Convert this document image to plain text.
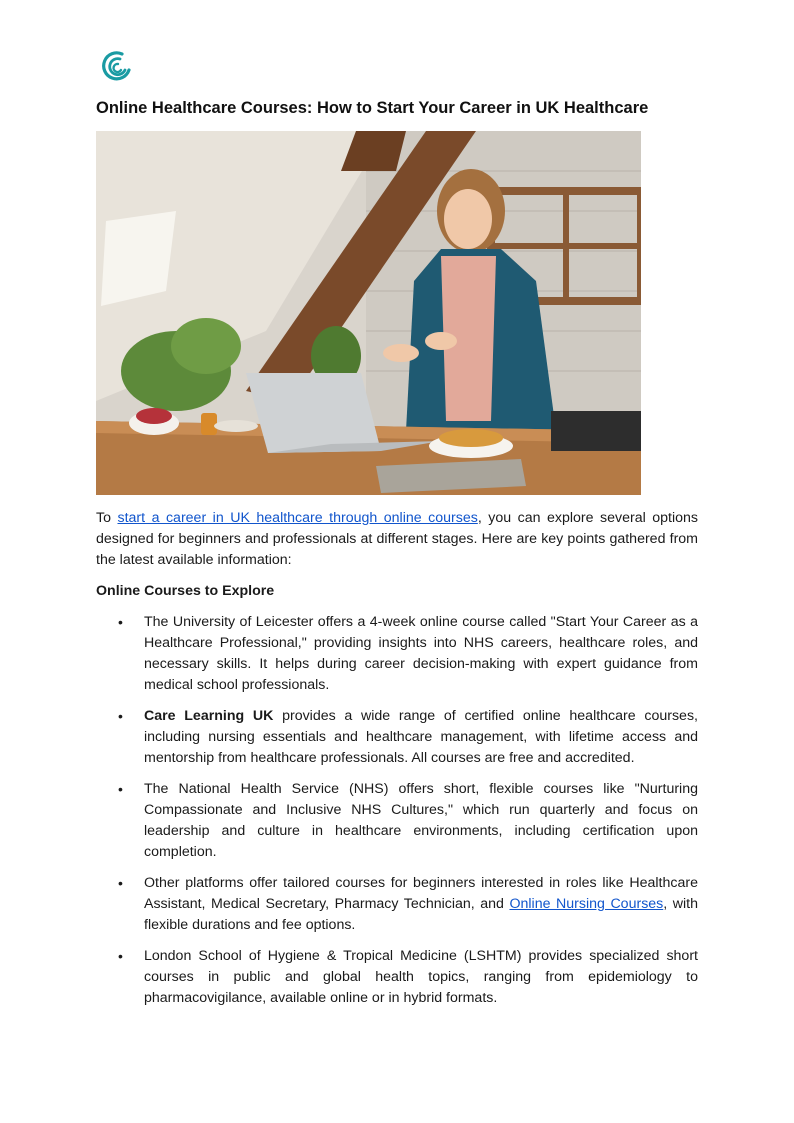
Online Healthcare Courses: How to Start Your Career in UK Healthcare

To start a career in UK healthcare through online courses, you can explore several options designed for beginners and professionals at different stages. Here are key points gathered from the latest available information:

Online Courses to Explore
• The University of Leicester offers a 4-week online course called "Start Your Career as a Healthcare Professional," providing insights into NHS careers, healthcare roles, and necessary skills. It helps during career decision-making with expert guidance from medical school professionals.
• Care Learning UK provides a wide range of certified online healthcare courses, including nursing essentials and healthcare management, with lifetime access and mentorship from healthcare professionals. All courses are free and accredited.
• The National Health Service (NHS) offers short, flexible courses like "Nurturing Compassionate and Inclusive NHS Cultures," which run quarterly and focus on leadership and culture in healthcare environments, including certification upon completion.
• Other platforms offer tailored courses for beginners interested in roles like Healthcare Assistant, Medical Secretary, Pharmacy Technician, and Online Nursing Courses, with flexible durations and fee options.
• London School of Hygiene & Tropical Medicine (LSHTM) provides specialized short courses in public and global health topics, ranging from epidemiology to pharmacovigilance, available online or in hybrid formats.
